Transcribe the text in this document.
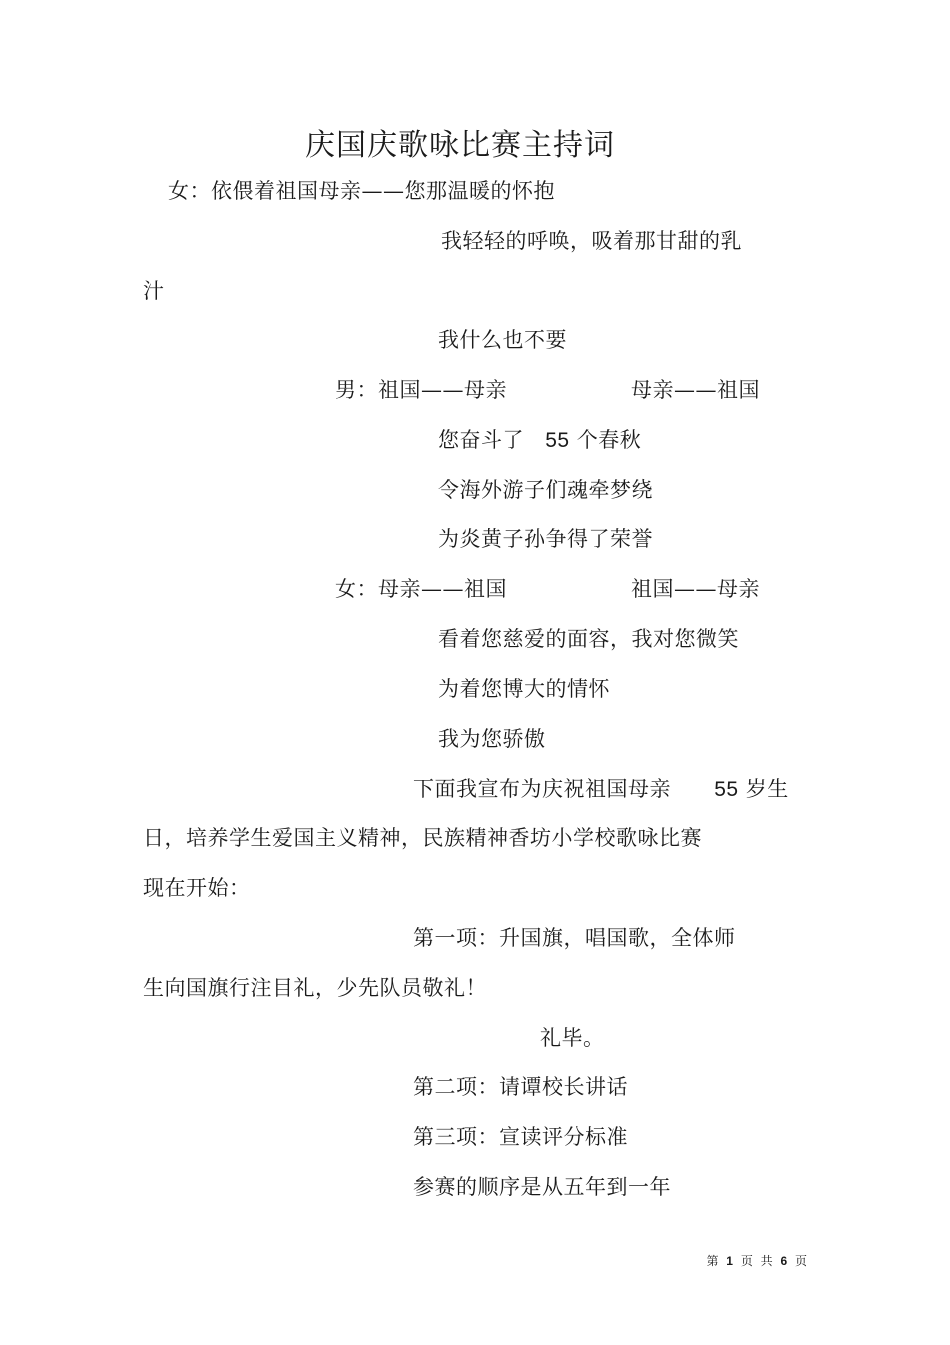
庆国庆歌咏比赛主持词
女：依偎着祖国母亲——您那温暖的怀抱
我轻轻的呼唤，吸着那甘甜的乳
汁
我什么也不要
男：祖国——母亲	母亲——祖国
您奋斗了 55 个春秋
令海外游子们魂牵梦绕
为炎黄子孙争得了荣誉
女：母亲——祖国	祖国——母亲
看着您慈爱的面容，我对您微笑
为着您博大的情怀
我为您骄傲
下面我宣布为庆祝祖国母亲 55 岁生
日，培养学生爱国主义精神，民族精神香坊小学校歌咏比赛
现在开始：
第一项：升国旗，唱国歌，全体师
生向国旗行注目礼，少先队员敬礼！
礼毕。
第二项：请谭校长讲话
第三项：宣读评分标准
参赛的顺序是从五年到一年
第 1 页 共 6 页
